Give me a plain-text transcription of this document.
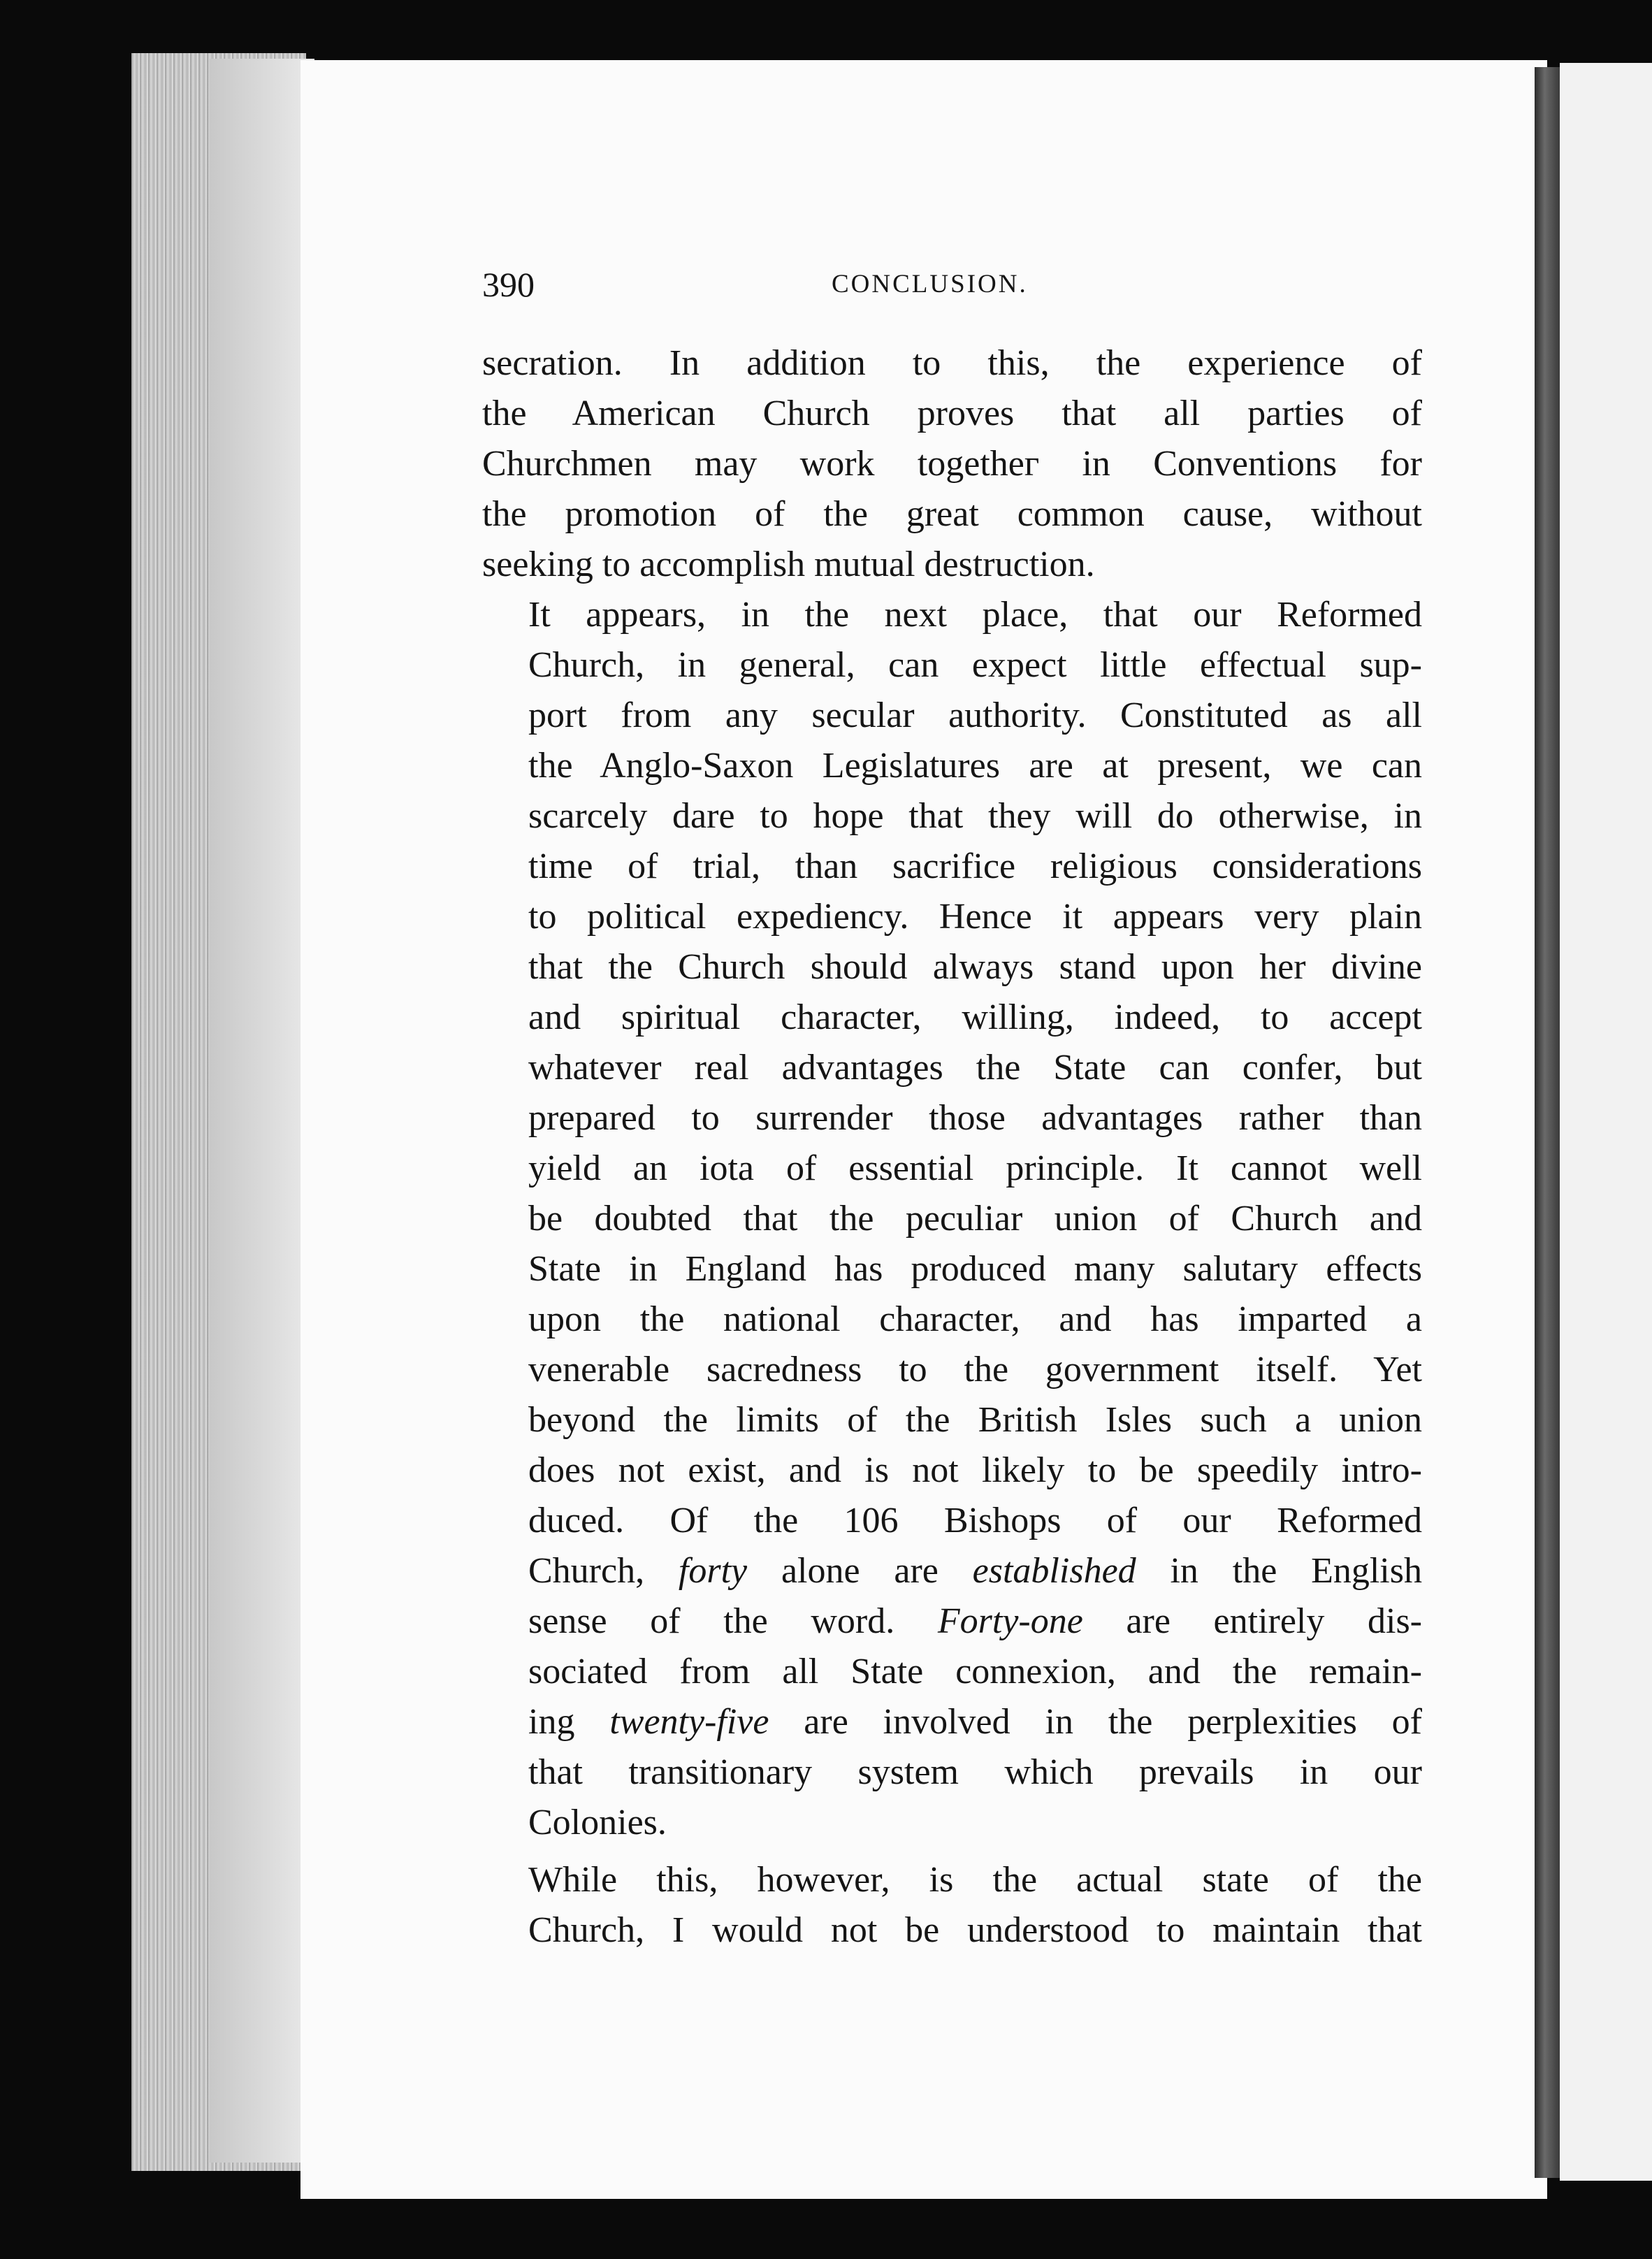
390	CONCLUSION.

secration. In addition to this, the experience of
the American Church proves that all parties of
Churchmen may work togetheг in Conventions for
the promotion of the great common cause, without
seeking to accomplish mutual destruction.

It appears, in the next place, that our Reformed
Church, in general, can expect little effectual sup-
port from any secular authority. Constituted as all
the Anglo-Saxon Legislatures are at present, we can
scarcely dare to hope that they will do otherwise, in
time of trial, than sacrifice religious considerations
to political expediency. Hence it appears very plain
that the Church should always stand upon her divine
and spiritual character, willing, indeed, to accept
whatever real advantages the State can confer, but
prepared to surrender those advantages rather than
yield an iota of essential principle. It cannot well
be doubted that the peculiar union of Church and
State in England has produced many salutary effects
upon the national character, and has imparted a
venerable sacredness to the government itself. Yet
beyond the limits of the British Isles such a union
does not exist, and is not likely to be speedily intro-
duced. Of the 106 Bishops of our Reformed
Church, forty alone are established in the English
sense of the word. Forty-one are entirely dis-
sociated from all State connexion, and the remain-
ing twenty-five are involved in the perplexities of
that transitionary system which prevails in our
Colonies.

While this, however, is the actual state of the
Church, I would not be understood to maintain that
